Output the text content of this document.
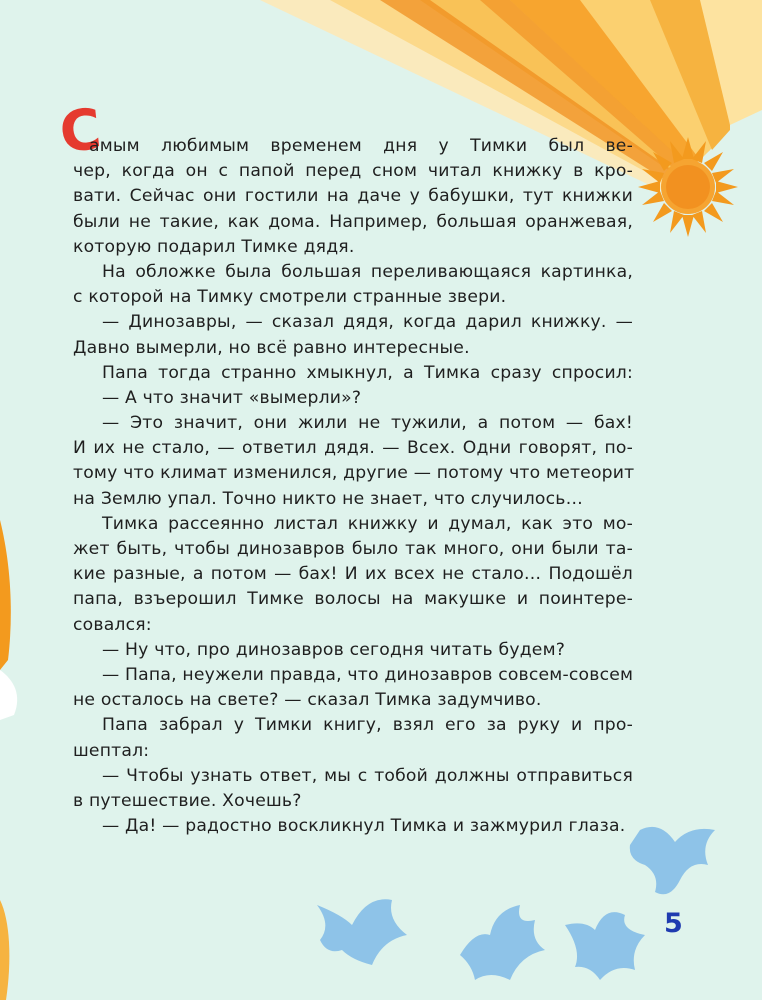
С
амым любимым временем дня у Тимки был ве-
чер, когда он с папой перед сном читал книжку в кро-
вати. Сейчас они гостили на даче у бабушки, тут книжки
были не такие, как дома. Например, большая оранжевая,
которую подарил Тимке дядя.
На обложке была большая переливающаяся картинка,
с которой на Тимку смотрели странные звери.
— Динозавры, — сказал дядя, когда дарил книжку. —
Давно вымерли, но всё равно интересные.
Папа тогда странно хмыкнул, а Тимка сразу спросил:
— А что значит «вымерли»?
— Это значит, они жили не тужили, а потом — бах!
И их не стало, — ответил дядя. — Всех. Одни говорят, по-
тому что климат изменился, другие — потому что метеорит
на Землю упал. Точно никто не знает, что случилось…
Тимка рассеянно листал книжку и думал, как это мо-
жет быть, чтобы динозавров было так много, они были та-
кие разные, а потом — бах! И их всех не стало… Подошёл
папа, взъерошил Тимке волосы на макушке и поинтере-
совался:
— Ну что, про динозавров сегодня читать будем?
— Папа, неужели правда, что динозавров совсем-совсем
не осталось на свете? — сказал Тимка задумчиво.
Папа забрал у Тимки книгу, взял его за руку и про-
шептал:
— Чтобы узнать ответ, мы с тобой должны отправиться
в путешествие. Хочешь?
— Да! — радостно воскликнул Тимка и зажмурил глаза.
5
